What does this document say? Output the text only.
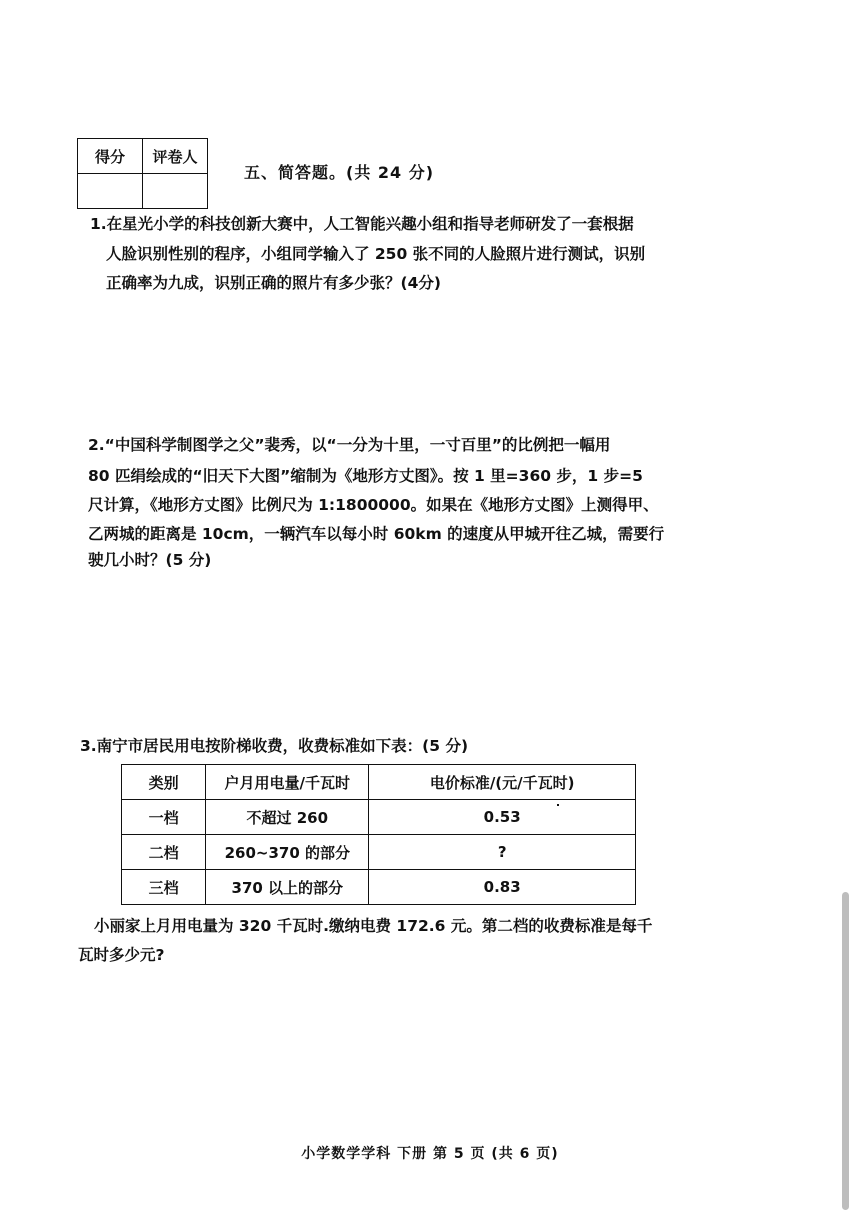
得分	评卷人

五、简答题。(共 24 分)
1.在星光小学的科技创新大赛中，人工智能兴趣小组和指导老师研发了一套根据
人脸识别性别的程序，小组同学输入了 250 张不同的人脸照片进行测试，识别
正确率为九成，识别正确的照片有多少张？(4分)
2.“中国科学制图学之父”裴秀，以“一分为十里，一寸百里”的比例把一幅用
80 匹绢绘成的“旧天下大图”缩制为《地形方丈图》。按 1 里=360 步，1 步=5
尺计算，《地形方丈图》比例尺为 1:1800000。如果在《地形方丈图》上测得甲、
乙两城的距离是 10cm，一辆汽车以每小时 60km 的速度从甲城开往乙城，需要行
驶几小时？(5 分)
3.南宁市居民用电按阶梯收费，收费标准如下表：(5 分)
类别	户月用电量/千瓦时	电价标准/(元/千瓦时)
一档	不超过 260	0.53
二档	260~370 的部分	?
三档	370 以上的部分	0.83
小丽家上月用电量为 320 千瓦时.缴纳电费 172.6 元。第二档的收费标准是每千
瓦时多少元?
小学数学学科 下册 第 5 页 (共 6 页)
